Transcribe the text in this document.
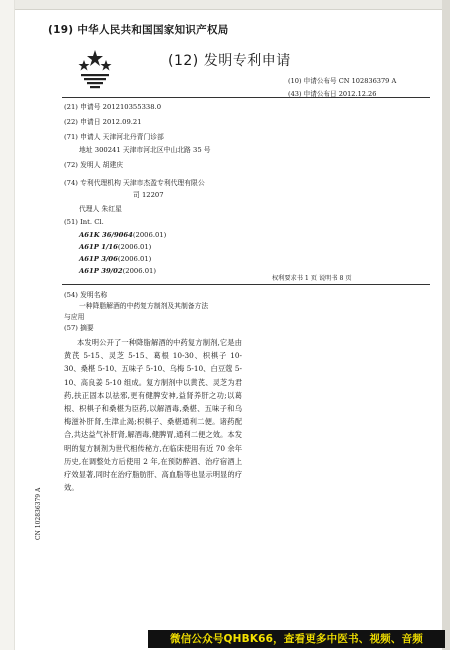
(19) 中华人民共和国国家知识产权局
(12) 发明专利申请
(10) 申请公布号 CN 102836379 A
(43) 申请公布日 2012.12.26
(21) 申请号 201210355338.0
(22) 申请日 2012.09.21
(71) 申请人 天津河北丹青门诊部
地址 300241 天津市河北区中山北路 35 号
(72) 发明人 胡建庆
(74) 专利代理机构 天津市杰盈专利代理有限公
司 12207
代理人 朱红星
(51) Int. Cl.
A61K 36/9064(2006.01)
A61P 1/16(2006.01)
A61P 3/06(2006.01)
A61P 39/02(2006.01)
权利要求书 1 页 说明书 8 页
(54) 发明名称
一种降脂解酒的中药复方制剂及其制备方法
与应用
(57) 摘要
本发明公开了一种降脂解酒的中药复方制剂,它是由黄芪 5-15、灵芝 5-15、葛根 10-30、枳椇子 10-30、桑椹 5-10、五味子 5-10、乌梅 5-10、白豆蔻 5-10、高良姜 5-10 组成。复方制剂中以黄芪、灵芝为君药,扶正固本以祛邪,更有健脾安神,益肾养肝之功;以葛根、枳椇子和桑椹为臣药,以解酒毒,桑椹、五味子和乌梅滋补肝肾,生津止渴;枳椇子、桑椹通利二便。诸药配合,共达益气补肝肾,解酒毒,健脾胃,通利二便之效。本发明的复方制剂为世代相传秘方,在临床使用有近 70 余年历史,在调整处方后使用 2 年,在预防醉酒、治疗宿酒上疗效显著,同时在治疗脂肪肝、高血脂等也显示明显的疗效。
CN 102836379 A
微信公众号QHBK66，查看更多中医书、视频、音频
